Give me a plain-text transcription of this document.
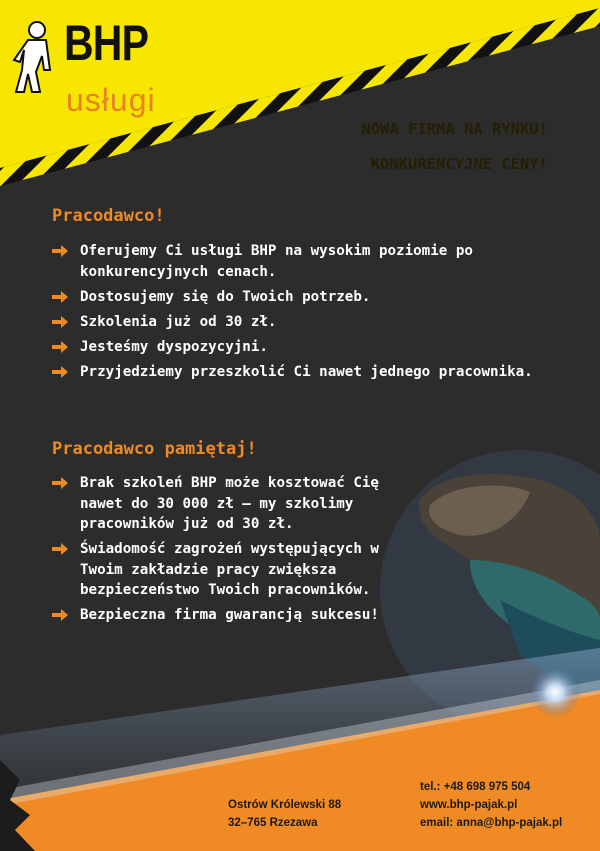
BHP
usługi
NOWA FIRMA NA RYNKU!
KONKURENCYJNE CENY!
Pracodawco!
Oferujemy Ci usługi BHP na wysokim poziomie po konkurencyjnych cenach.
Dostosujemy się do Twoich potrzeb.
Szkolenia już od 30 zł.
Jesteśmy dyspozycyjni.
Przyjedziemy przeszkolić Ci nawet jednego pracownika.
Pracodawco pamiętaj!
Brak szkoleń BHP może kosztować Cię nawet do 30 000 zł – my szkolimy pracowników już od 30 zł.
Świadomość zagrożeń występujących w Twoim zakładzie pracy zwiększa bezpieczeństwo Twoich pracowników.
Bezpieczna firma gwarancją sukcesu!
Ostrów Królewski 88
32–765 Rzezawa
tel.: +48 698 975 504
www.bhp-pajak.pl
email: anna@bhp-pajak.pl
